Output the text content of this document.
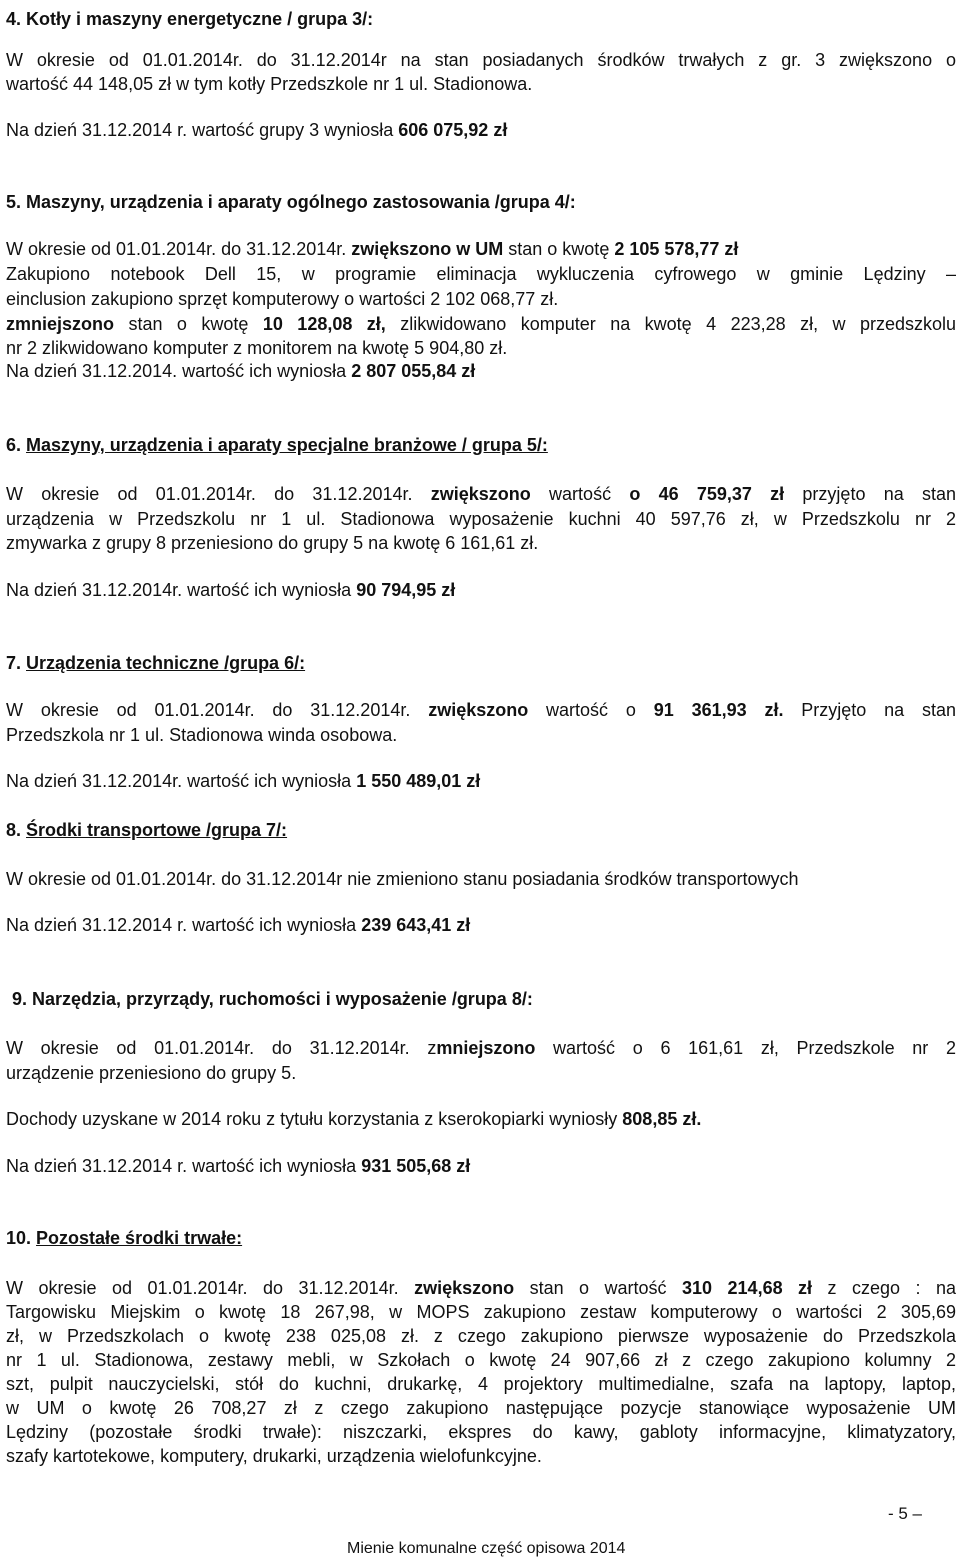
4. Kotły i maszyny energetyczne / grupa 3/:

W okresie od 01.01.2014r. do 31.12.2014r na stan posiadanych środków trwałych z gr. 3 zwiększono o

wartość 44 148,05 zł w tym kotły Przedszkole nr 1 ul. Stadionowa.

Na dzień 31.12.2014 r. wartość grupy 3 wyniosła 606 075,92 zł

5. Maszyny, urządzenia i aparaty ogólnego zastosowania /grupa 4/:

W okresie od 01.01.2014r. do 31.12.2014r. zwiększono w UM stan o kwotę 2 105 578,77 zł

Zakupiono notebook Dell 15, w programie eliminacja wykluczenia cyfrowego w gminie Lędziny –

einclusion zakupiono sprzęt komputerowy o wartości 2 102 068,77 zł.

zmniejszono stan o kwotę 10 128,08 zł, zlikwidowano komputer na kwotę 4 223,28 zł, w przedszkolu

nr 2 zlikwidowano komputer z monitorem na kwotę 5 904,80 zł.

Na dzień 31.12.2014. wartość ich wyniosła 2 807 055,84 zł

6. Maszyny, urządzenia i aparaty specjalne branżowe / grupa 5/:

W okresie od 01.01.2014r. do 31.12.2014r. zwiększono wartość o 46 759,37 zł przyjęto na stan

urządzenia w Przedszkolu nr 1 ul. Stadionowa wyposażenie kuchni 40 597,76 zł, w Przedszkolu nr 2

zmywarka z grupy 8 przeniesiono do grupy 5 na kwotę 6 161,61 zł.

Na dzień 31.12.2014r. wartość ich wyniosła 90 794,95 zł

7. Urządzenia techniczne /grupa 6/:

W okresie od 01.01.2014r. do 31.12.2014r. zwiększono wartość o 91 361,93 zł. Przyjęto na stan

Przedszkola nr 1 ul. Stadionowa winda osobowa.

Na dzień 31.12.2014r. wartość ich wyniosła 1 550 489,01 zł

8. Środki transportowe /grupa 7/:

W okresie od 01.01.2014r. do 31.12.2014r nie zmieniono stanu posiadania środków transportowych

Na dzień 31.12.2014 r. wartość ich wyniosła 239 643,41 zł

9. Narzędzia, przyrządy, ruchomości i wyposażenie /grupa 8/:

W okresie od 01.01.2014r. do 31.12.2014r. zmniejszono wartość o 6 161,61 zł, Przedszkole nr 2

urządzenie przeniesiono do grupy 5.

Dochody uzyskane w 2014 roku z tytułu korzystania z kserokopiarki wyniosły 808,85 zł.

Na dzień 31.12.2014 r. wartość ich wyniosła 931 505,68 zł

10. Pozostałe środki trwałe:

W okresie od 01.01.2014r. do 31.12.2014r. zwiększono stan o wartość 310 214,68 zł z czego : na

Targowisku Miejskim o kwotę 18 267,98, w MOPS zakupiono zestaw komputerowy o wartości 2 305,69

zł, w Przedszkolach o kwotę 238 025,08 zł. z czego zakupiono pierwsze wyposażenie do Przedszkola

nr 1 ul. Stadionowa, zestawy mebli, w Szkołach o kwotę 24 907,66 zł z czego zakupiono kolumny 2

szt, pulpit nauczycielski, stół do kuchni, drukarkę, 4 projektory multimedialne, szafa na laptopy, laptop,

w UM o kwotę 26 708,27 zł z czego zakupiono następujące pozycje stanowiące wyposażenie UM

Lędziny (pozostałe środki trwałe): niszczarki, ekspres do kawy, gabloty informacyjne, klimatyzatory,

szafy kartotekowe, komputery, drukarki, urządzenia wielofunkcyjne.

- 5 –
Mienie komunalne część opisowa 2014
